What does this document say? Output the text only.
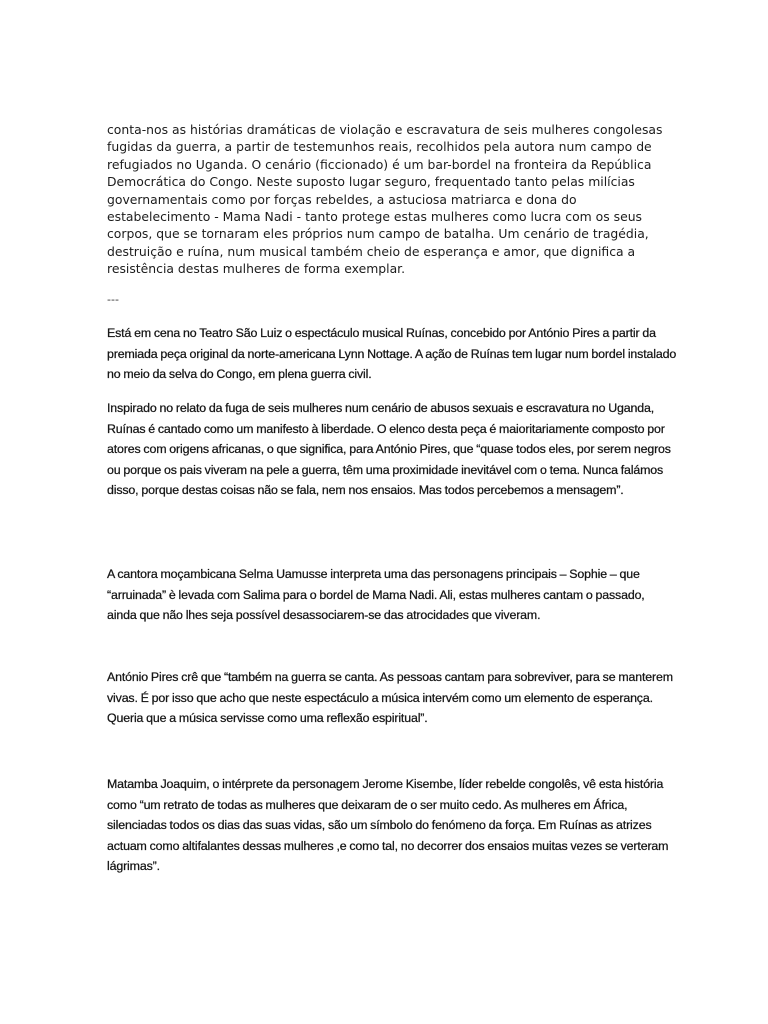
conta-nos as histórias dramáticas de violação e escravatura de seis mulheres congolesas fugidas da guerra, a partir de testemunhos reais, recolhidos pela autora num campo de refugiados no Uganda. O cenário (ficcionado) é um bar-bordel na fronteira da República Democrática do Congo. Neste suposto lugar seguro, frequentado tanto pelas milícias governamentais como por forças rebeldes, a astuciosa matriarca e dona do estabelecimento - Mama Nadi - tanto protege estas mulheres como lucra com os seus corpos, que se tornaram eles próprios num campo de batalha. Um cenário de tragédia, destruição e ruína, num musical também cheio de esperança e amor, que dignifica a resistência destas mulheres de forma exemplar.

---

Está em cena no Teatro São Luiz o espectáculo musical Ruínas, concebido por António Pires a partir da premiada peça original da norte-americana Lynn Nottage. A ação de Ruínas tem lugar num bordel instalado no meio da selva do Congo, em plena guerra civil.

Inspirado no relato da fuga de seis mulheres num cenário de abusos sexuais e escravatura no Uganda, Ruínas é cantado como um manifesto à liberdade. O elenco desta peça é maioritariamente composto por atores com origens africanas, o que significa, para António Pires, que “quase todos eles, por serem negros ou porque os pais viveram na pele a guerra, têm uma proximidade inevitável com o tema. Nunca falámos disso, porque destas coisas não se fala, nem nos ensaios. Mas todos percebemos a mensagem”.

A cantora moçambicana Selma Uamusse interpreta uma das personagens principais – Sophie – que “arruinada” è levada com Salima para o bordel de Mama Nadi. Ali, estas mulheres cantam o passado, ainda que não lhes seja possível desassociarem-se das atrocidades que viveram.

António Pires crê que “também na guerra se canta. As pessoas cantam para sobreviver, para se manterem vivas. É por isso que acho que neste espectáculo a música intervém como um elemento de esperança. Queria que a música servisse como uma reflexão espiritual”.

Matamba Joaquim, o intérprete da personagem Jerome Kisembe, líder rebelde congolês, vê esta história como “um retrato de todas as mulheres que deixaram de o ser muito cedo. As mulheres em África, silenciadas todos os dias das suas vidas, são um símbolo do fenómeno da força. Em Ruínas as atrizes actuam como altifalantes dessas mulheres ,e como tal, no decorrer dos ensaios muitas vezes se verteram lágrimas”.
